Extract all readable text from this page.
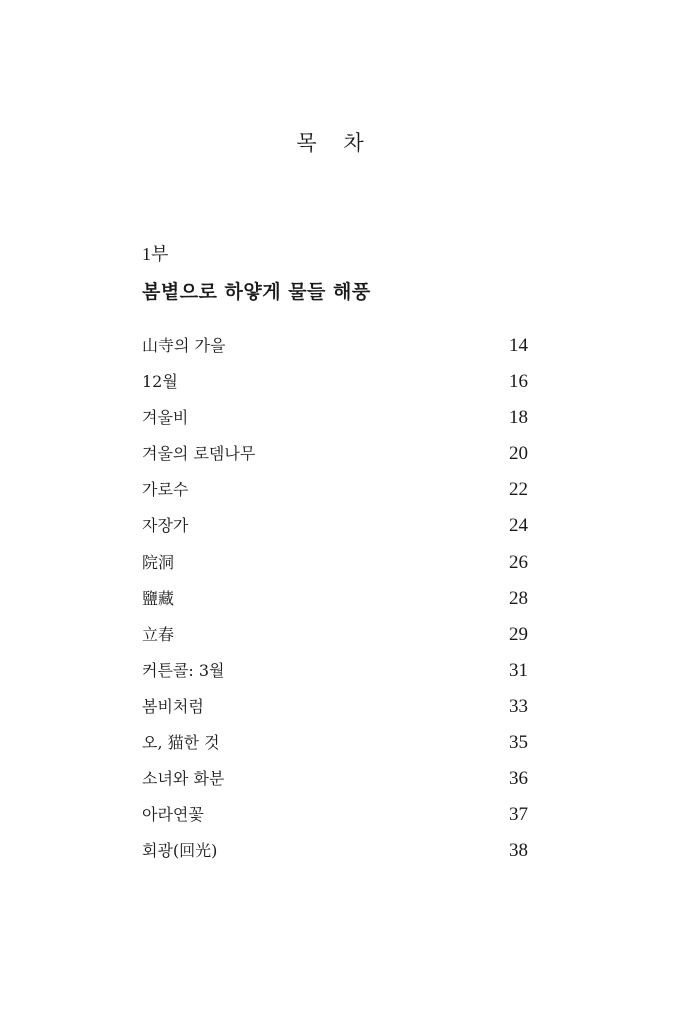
목 차
1부
봄볕으로 하얗게 물들 해풍
山寺의 가을	14
12월	16
겨울비	18
겨울의 로뎀나무	20
가로수	22
자장가	24
院洞	26
鹽藏	28
立春	29
커튼콜: 3월	31
봄비처럼	33
오, 猫한 것	35
소녀와 화분	36
아라연꽃	37
회광(回光)	38
